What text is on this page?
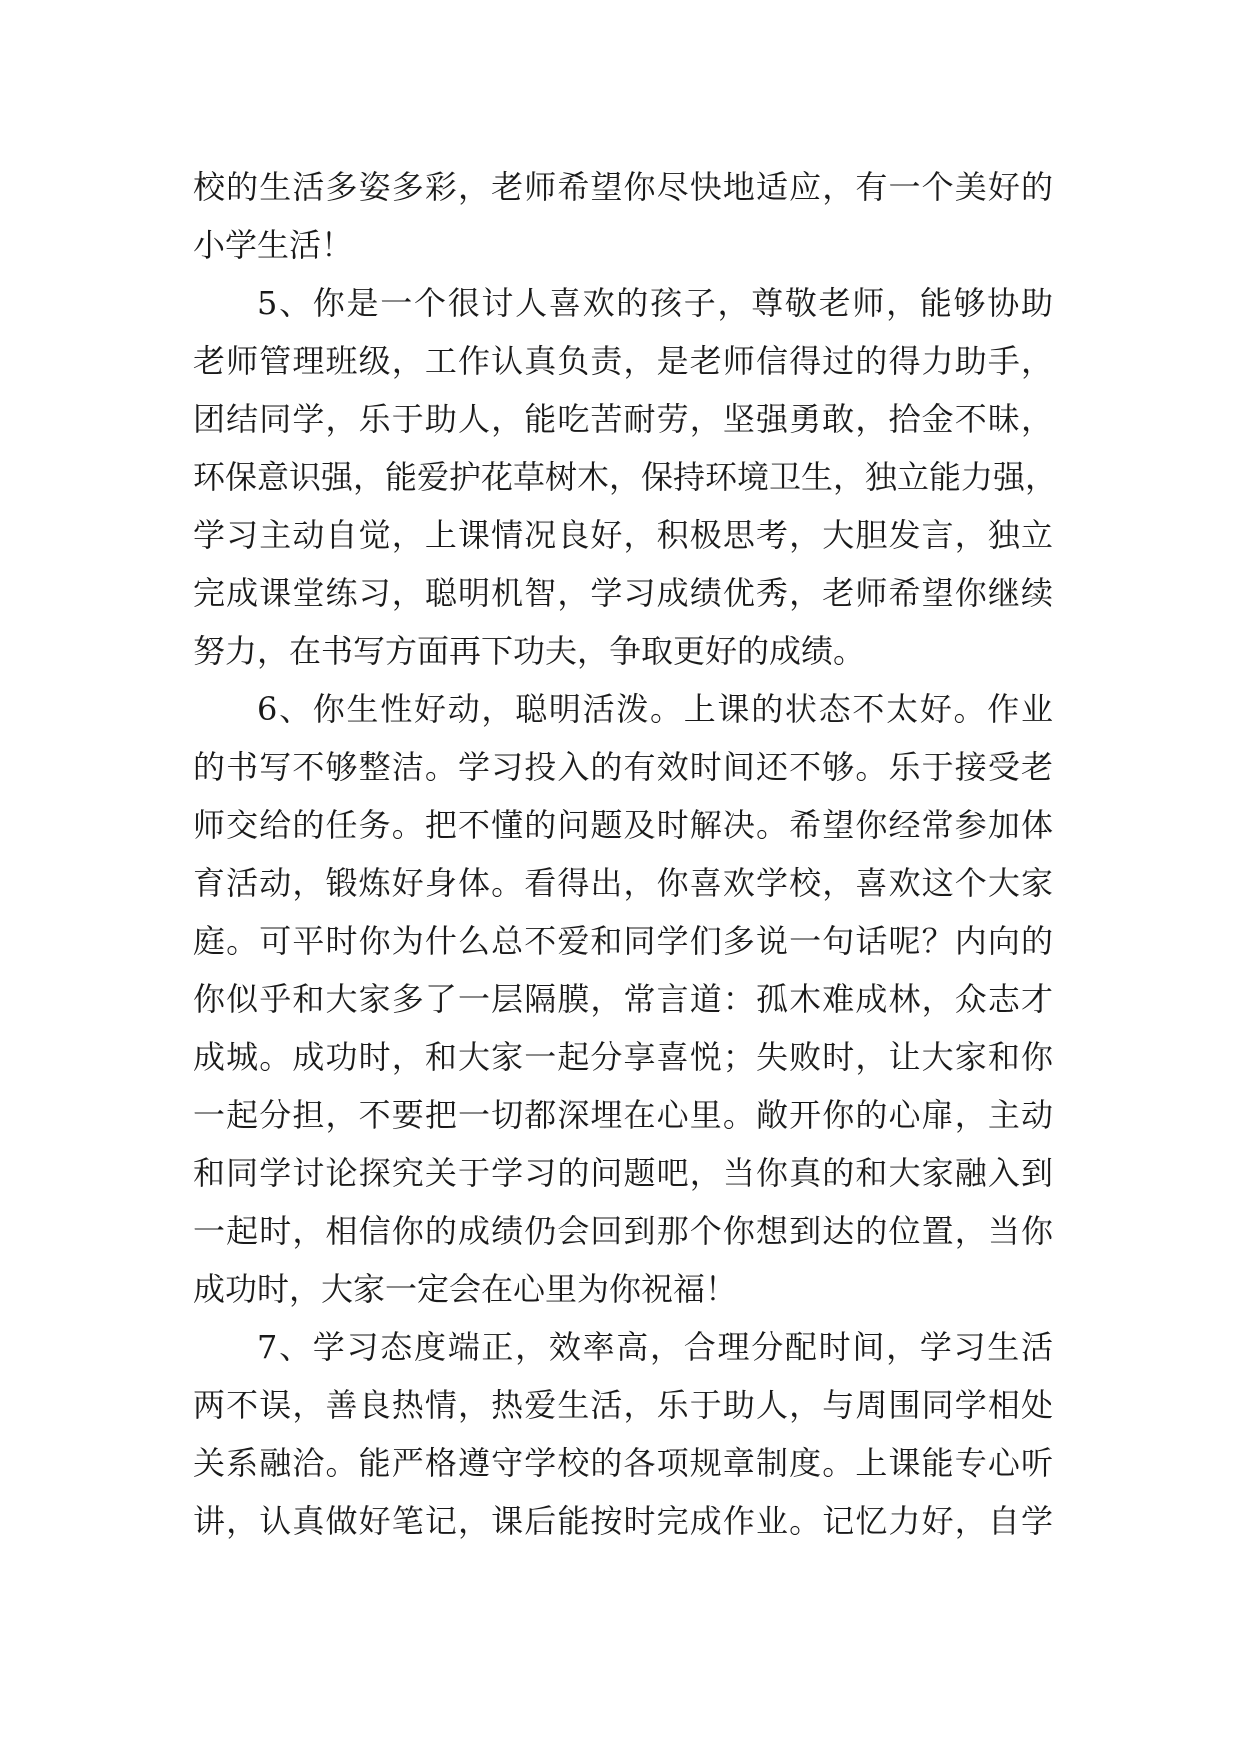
校的生活多姿多彩，老师希望你尽快地适应，有一个美好的
小学生活！
5、你是一个很讨人喜欢的孩子，尊敬老师，能够协助
老师管理班级，工作认真负责，是老师信得过的得力助手，
团结同学，乐于助人，能吃苦耐劳，坚强勇敢，拾金不昧，
环保意识强，能爱护花草树木，保持环境卫生，独立能力强，
学习主动自觉，上课情况良好，积极思考，大胆发言，独立
完成课堂练习，聪明机智，学习成绩优秀，老师希望你继续
努力，在书写方面再下功夫，争取更好的成绩。
6、你生性好动，聪明活泼。上课的状态不太好。作业
的书写不够整洁。学习投入的有效时间还不够。乐于接受老
师交给的任务。把不懂的问题及时解决。希望你经常参加体
育活动，锻炼好身体。看得出，你喜欢学校，喜欢这个大家
庭。可平时你为什么总不爱和同学们多说一句话呢？内向的
你似乎和大家多了一层隔膜，常言道：孤木难成林，众志才
成城。成功时，和大家一起分享喜悦；失败时，让大家和你
一起分担，不要把一切都深埋在心里。敞开你的心扉，主动
和同学讨论探究关于学习的问题吧，当你真的和大家融入到
一起时，相信你的成绩仍会回到那个你想到达的位置，当你
成功时，大家一定会在心里为你祝福！
7、学习态度端正，效率高，合理分配时间，学习生活
两不误，善良热情，热爱生活，乐于助人，与周围同学相处
关系融洽。能严格遵守学校的各项规章制度。上课能专心听
讲，认真做好笔记，课后能按时完成作业。记忆力好，自学
